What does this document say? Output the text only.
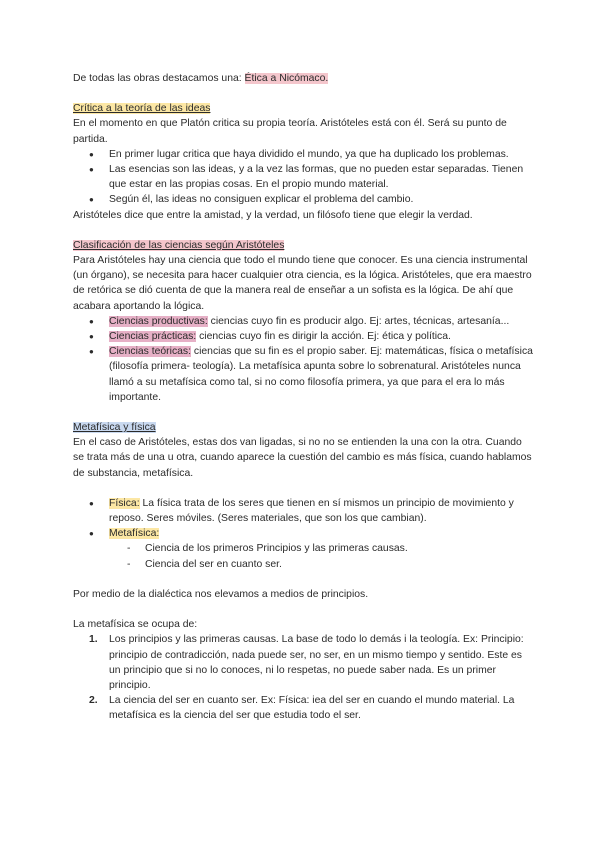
De todas las obras destacamos una: Ética a Nicómaco.

Crítica a la teoría de las ideas

En el momento en que Platón critica su propia teoría. Aristóteles está con él. Será su punto de partida.

● En primer lugar critica que haya dividido el mundo, ya que ha duplicado los problemas.
● Las esencias son las ideas, y a la vez las formas, que no pueden estar separadas. Tienen que estar en las propias cosas. En el propio mundo material.
● Según él, las ideas no consiguen explicar el problema del cambio.

Aristóteles dice que entre la amistad, y la verdad, un filósofo tiene que elegir la verdad.

Clasificación de las ciencias según Aristóteles

Para Aristóteles hay una ciencia que todo el mundo tiene que conocer. Es una ciencia instrumental (un órgano), se necesita para hacer cualquier otra ciencia, es la lógica. Aristóteles, que era maestro de retórica se dió cuenta de que la manera real de enseñar a un sofista es la lógica. De ahí que acabara aportando la lógica.

● Ciencias productivas: ciencias cuyo fin es producir algo. Ej: artes, técnicas, artesanía...
● Ciencias prácticas: ciencias cuyo fin es dirigir la acción. Ej: ética y política.
● Ciencias teóricas: ciencias que su fin es el propio saber. Ej: matemáticas, física o metafísica (filosofía primera- teología). La metafísica apunta sobre lo sobrenatural. Aristóteles nunca llamó a su metafísica como tal, si no como filosofía primera, ya que para el era lo más importante.

Metafísica y física

En el caso de Aristóteles, estas dos van ligadas, si no no se entienden la una con la otra. Cuando se trata más de una u otra, cuando aparece la cuestión del cambio es más física, cuando hablamos de substancia, metafísica.

● Física: La física trata de los seres que tienen en sí mismos un principio de movimiento y reposo. Seres móviles. (Seres materiales, que son los que cambian).
● Metafísica:
- Ciencia de los primeros Principios y las primeras causas.
- Ciencia del ser en cuanto ser.

Por medio de la dialéctica nos elevamos a medios de principios.

La metafísica se ocupa de:

1. Los principios y las primeras causas. La base de todo lo demás i la teología. Ex: Principio: principio de contradicción, nada puede ser, no ser, en un mismo tiempo y sentido. Este es un principio que si no lo conoces, ni lo respetas, no puede saber nada. Es un primer principio.
2. La ciencia del ser en cuanto ser. Ex: Física: iea del ser en cuando el mundo material. La metafísica es la ciencia del ser que estudia todo el ser.
